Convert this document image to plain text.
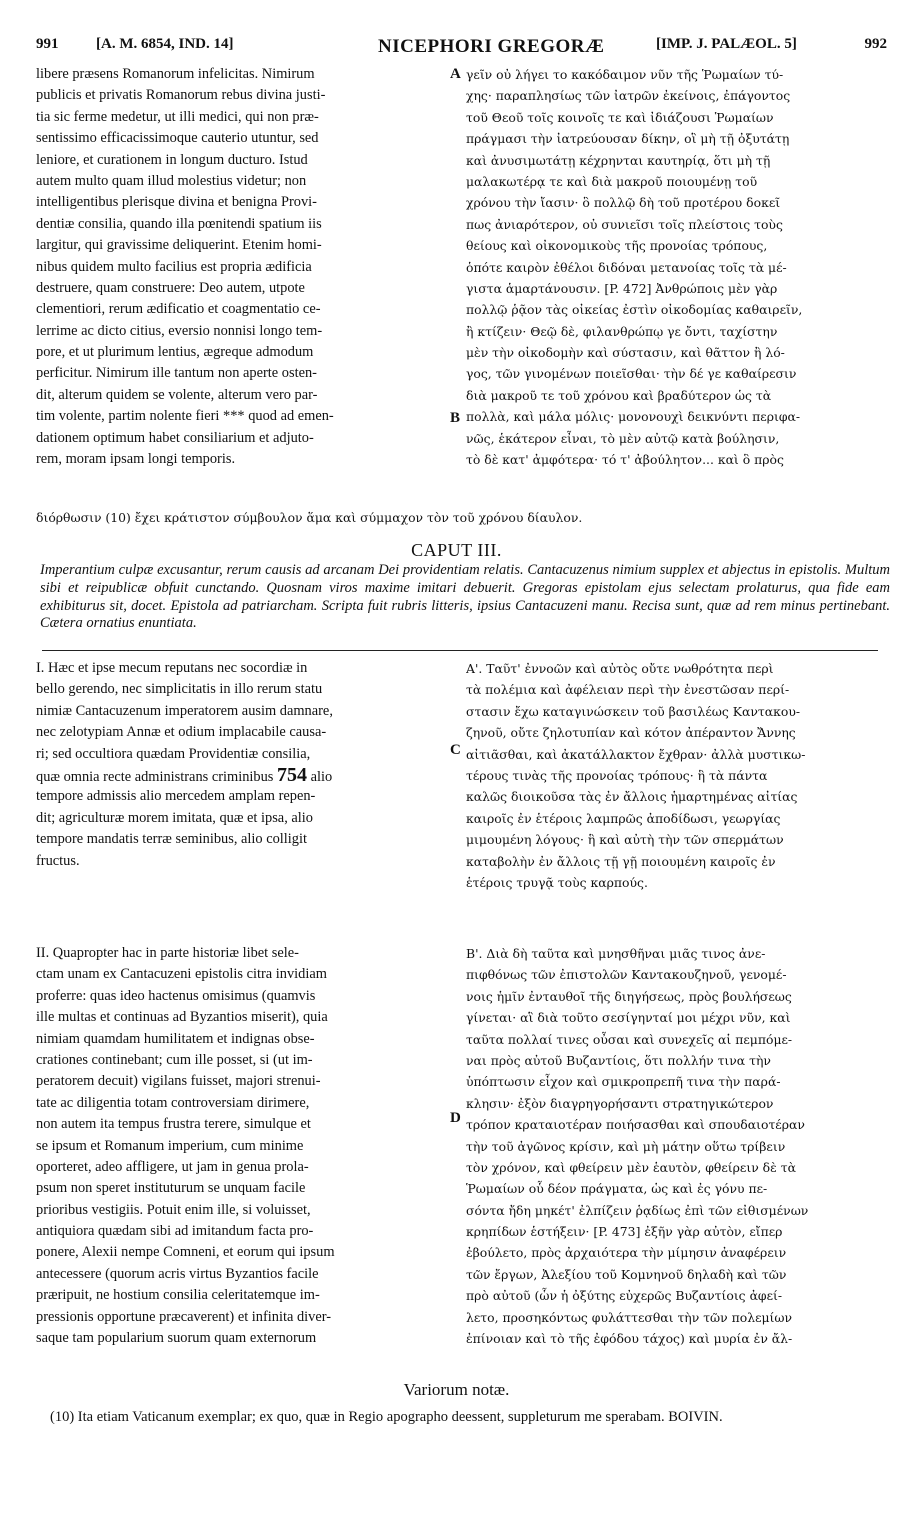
991	[A. M. 6854, IND. 14]	NICEPHORI GREGORÆ	[IMP. J. PALÆOL. 5]	992
libere præsens Romanorum infelicitas. Nimirum
publicis et privatis Romanorum rebus divina justi-
tia sic ferme medetur, ut illi medici, qui non præ-
sentissimo efficacissimoque cauterio utuntur, sed
leniore, et curationem in longum ducturo. Istud
autem multo quam illud molestius videtur; non
intelligentibus plerisque divina et benigna Provi-
dentiæ consilia, quando illa pœnitendi spatium iis
largitur, qui gravissime deliquerint. Etenim homi-
nibus quidem multo facilius est propria ædificia
destruere, quam construere: Deo autem, utpote
clementiori, rerum ædificatio et coagmentatio ce-
lerrime ac dicto citius, eversio nonnisi longo tem-
pore, et ut plurimum lentius, ægreque admodum
perficitur. Nimirum ille tantum non aperte osten-
dit, alterum quidem se volente, alterum vero par-
tim volente, partim nolente fieri *** quod ad emen-
dationem optimum habet consiliarium et adjuto-
rem, moram ipsam longi temporis.
γεῖν οὐ λήγει το κακόδαιμον νῦν τῆς Ῥωμαίων τύ-
χης· παραπλησίως τῶν ἰατρῶν ἐκείνοις, ἐπάγοντος
τοῦ Θεοῦ τοῖς κοινοῖς τε καὶ ἰδιάζουσι Ῥωμαίων
πράγμασι τὴν ἰατρεύουσαν δίκην, οἳ μὴ τῇ ὀξυτάτῃ
καὶ ἀνυσιμωτάτῃ κέχρηνται καυτηρίᾳ, ὅτι μὴ τῇ
μαλακωτέρᾳ τε καὶ διὰ μακροῦ ποιουμένῃ τοῦ
χρόνου τὴν ἴασιν· ὃ πολλῷ δὴ τοῦ προτέρου δοκεῖ
πως ἀνιαρότερον, οὐ συνιεῖσι τοῖς πλείστοις τοὺς
θείους καὶ οἰκονομικοὺς τῆς προνοίας τρόπους,
ὁπότε καιρὸν ἐθέλοι διδόναι μετανοίας τοῖς τὰ μέ-
γιστα ἁμαρτάνουσιν. [P. 472] Ἀνθρώποις μὲν γὰρ
πολλῷ ῥᾷον τὰς οἰκείας ἐστὶν οἰκοδομίας καθαιρεῖν,
ἢ κτίζειν· Θεῷ δὲ, φιλανθρώπῳ γε ὄντι, ταχίστην
μὲν τὴν οἰκοδομὴν καὶ σύστασιν, καὶ θᾶττον ἢ λό-
γος, τῶν γινομένων ποιεῖσθαι· τὴν δέ γε καθαίρεσιν
διὰ μακροῦ τε τοῦ χρόνου καὶ βραδύτερον ὡς τὰ
πολλὰ, καὶ μάλα μόλις· μονονουχὶ δεικνύντι περιφα-
νῶς, ἑκάτερον εἶναι, τὸ μὲν αὐτῷ κατὰ βούλησιν,
τὸ δὲ κατ' ἀμφότερα· τό τ' ἀβούλητον... καὶ ὃ πρὸς
A
B
διόρθωσιν (10) ἔχει κράτιστον σύμβουλον ἅμα καὶ σύμμαχον τὸν τοῦ χρόνου δίαυλον.
CAPUT III.
Imperantium culpæ excusantur, rerum causis ad arcanam Dei providentiam relatis. Cantacuzenus nimium supplex et abjectus in epistolis. Multum sibi et reipublicæ obfuit cunctando. Quosnam viros maxime imitari debuerit. Gregoras epistolam ejus selectam prolaturus, qua fide eam exhibiturus sit, docet. Epistola ad patriarcham. Scripta fuit rubris litteris, ipsius Cantacuzeni manu. Recisa sunt, quæ ad rem minus pertinebant. Cætera ornatius enuntiata.
I. Hæc et ipse mecum reputans nec socordiæ in
bello gerendo, nec simplicitatis in illo rerum statu
nimiæ Cantacuzenum imperatorem ausim damnare,
nec zelotypiam Annæ et odium implacabile causa-
ri; sed occultiora quædam Providentiæ consilia,
quæ omnia recte administrans criminibus 754 alio
tempore admissis alio mercedem amplam repen-
dit; agriculturæ morem imitata, quæ et ipsa, alio
tempore mandatis terræ seminibus, alio colligit
fructus.
Α'. Ταῦτ' ἐννοῶν καὶ αὐτὸς οὔτε νωθρότητα περὶ
τὰ πολέμια καὶ ἀφέλειαν περὶ τὴν ἐνεστῶσαν περί-
στασιν ἔχω καταγινώσκειν τοῦ βασιλέως Καντακου-
ζηνοῦ, οὔτε ζηλοτυπίαν καὶ κότον ἀπέραντον Ἄννης
αἰτιᾶσθαι, καὶ ἀκατάλλακτον ἔχθραν· ἀλλὰ μυστικω-
τέρους τινὰς τῆς προνοίας τρόπους· ἣ τὰ πάντα
καλῶς διοικοῦσα τὰς ἐν ἄλλοις ἡμαρτημένας αἰτίας
καιροῖς ἐν ἑτέροις λαμπρῶς ἀποδίδωσι, γεωργίας
μιμουμένη λόγους· ἣ καὶ αὐτὴ τὴν τῶν σπερμάτων
καταβολὴν ἐν ἄλλοις τῇ γῇ ποιουμένη καιροῖς ἐν
ἑτέροις τρυγᾷ τοὺς καρπούς.
C
II. Quapropter hac in parte historiæ libet sele-
ctam unam ex Cantacuzeni epistolis citra invidiam
proferre: quas ideo hactenus omisimus (quamvis
ille multas et continuas ad Byzantios miserit), quia
nimiam quamdam humilitatem et indignas obse-
crationes continebant; cum ille posset, si (ut im-
peratorem decuit) vigilans fuisset, majori strenui-
tate ac diligentia totam controversiam dirimere,
non autem ita tempus frustra terere, simulque et
se ipsum et Romanum imperium, cum minime
oporteret, adeo affligere, ut jam in genua prola-
psum non speret instituturum se unquam facile
prioribus vestigiis. Potuit enim ille, si voluisset,
antiquiora quædam sibi ad imitandum facta pro-
ponere, Alexii nempe Comneni, et eorum qui ipsum
antecessere (quorum acris virtus Byzantios facile
præripuit, ne hostium consilia celeritatemque im-
pressionis opportune præcaverent) et infinita diver-
saque tam popularium suorum quam externorum
Β'. Διὰ δὴ ταῦτα καὶ μνησθῆναι μιᾶς τινος ἀνε-
πιφθόνως τῶν ἐπιστολῶν Καντακουζηνοῦ, γενομέ-
νοις ἡμῖν ἐνταυθοῖ τῆς διηγήσεως, πρὸς βουλήσεως
γίνεται· αἳ διὰ τοῦτο σεσίγηνταί μοι μέχρι νῦν, καὶ
ταῦτα πολλαί τινες οὖσαι καὶ συνεχεῖς αἱ πεμπόμε-
ναι πρὸς αὐτοῦ Βυζαντίοις, ὅτι πολλήν τινα τὴν
ὑπόπτωσιν εἶχον καὶ σμικροπρεπῆ τινα τὴν παρά-
κλησιν· ἐξὸν διαγρηγορήσαντι στρατηγικώτερον
τρόπον κραταιοτέραν ποιήσασθαι καὶ σπουδαιοτέραν
τὴν τοῦ ἀγῶνος κρίσιν, καὶ μὴ μάτην οὕτω τρίβειν
τὸν χρόνον, καὶ φθείρειν μὲν ἑαυτὸν, φθείρειν δὲ τὰ
Ῥωμαίων οὗ δέον πράγματα, ὡς καὶ ἐς γόνυ πε-
σόντα ἤδη μηκέτ' ἐλπίζειν ῥᾳδίως ἐπὶ τῶν εἰθισμένων
κρηπίδων ἑστήξειν· [P. 473] ἐξῆν γὰρ αὐτὸν, εἴπερ
ἐβούλετο, πρὸς ἀρχαιότερα τὴν μίμησιν ἀναφέρειν
τῶν ἔργων, Ἀλεξίου τοῦ Κομνηνοῦ δηλαδὴ καὶ τῶν
πρὸ αὐτοῦ (ὧν ἡ ὀξύτης εὐχερῶς Βυζαντίοις ἀφεί-
λετο, προσηκόντως φυλάττεσθαι τὴν τῶν πολεμίων
ἐπίνοιαν καὶ τὸ τῆς ἐφόδου τάχος) καὶ μυρία ἐν ἄλ-
D
Variorum notæ.
(10) Ita etiam Vaticanum exemplar; ex quo, quæ in Regio apographo deessent, suppleturum me sperabam. BOIVIN.
